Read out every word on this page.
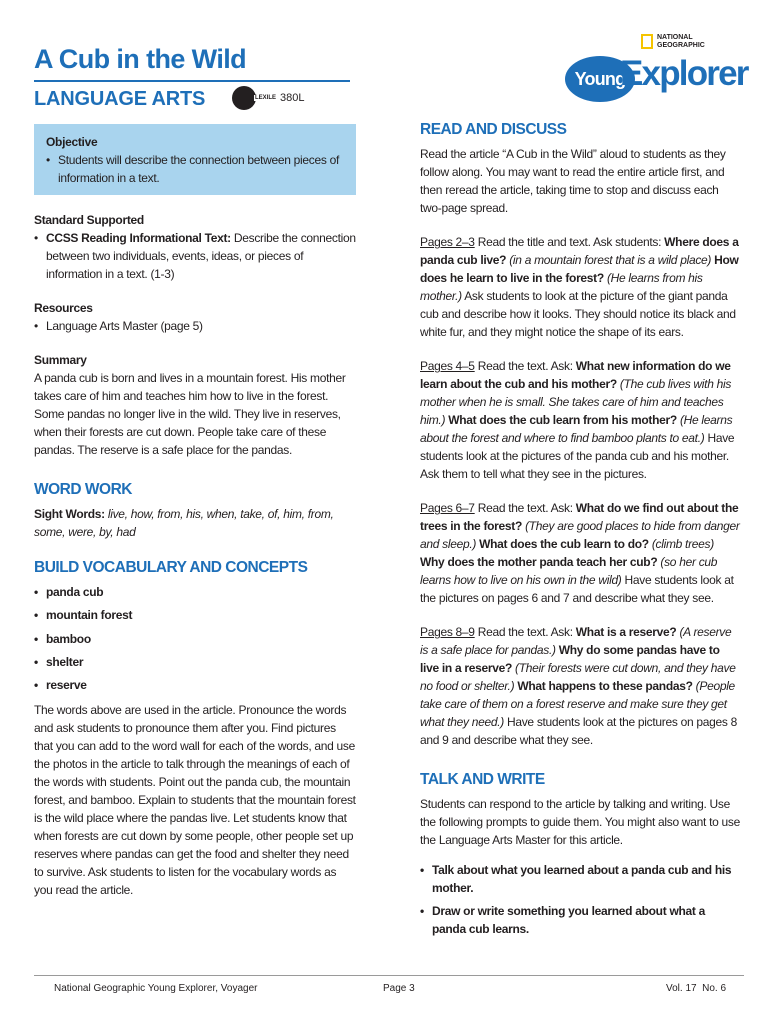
A Cub in the Wild
LANGUAGE ARTS	LEXILE 380L
NATIONAL
GEOGRAPHIC
Young
Explorer
Objective
• Students will describe the connection between pieces of information in a text.
Standard Supported
• CCSS Reading Informational Text: Describe the connection between two individuals, events, ideas, or pieces of information in a text. (1-3)
Resources
• Language Arts Master (page 5)
Summary

A panda cub is born and lives in a mountain forest. His mother takes care of him and teaches him how to live in the forest. Some pandas no longer live in the wild. They live in reserves, when their forests are cut down. People take care of these pandas. The reserve is a safe place for the pandas.

WORD WORK

Sight Words: live, how, from, his, when, take, of, him, from, some, were, by, had

BUILD VOCABULARY AND CONCEPTS
• panda cub
• mountain forest
• bamboo
• shelter
• reserve

The words above are used in the article. Pronounce the words and ask students to pronounce them after you. Find pictures that you can add to the word wall for each of the words, and use the photos in the article to talk through the meanings of each of the words with students. Point out the panda cub, the mountain forest, and bamboo. Explain to students that the mountain forest is the wild place where the pandas live. Let students know that when forests are cut down by some people, other people set up reserves where pandas can get the food and shelter they need to survive. Ask students to listen for the vocabulary words as you read the article.

READ AND DISCUSS

Read the article “A Cub in the Wild” aloud to students as they follow along. You may want to read the entire article first, and then reread the article, taking time to stop and discuss each two-page spread.

Pages 2–3 Read the title and text. Ask students: Where does a panda cub live? (in a mountain forest that is a wild place) How does he learn to live in the forest? (He learns from his mother.) Ask students to look at the picture of the giant panda cub and describe how it looks. They should notice its black and white fur, and they might notice the shape of its ears.

Pages 4–5 Read the text. Ask: What new information do we learn about the cub and his mother? (The cub lives with his mother when he is small. She takes care of him and teaches him.) What does the cub learn from his mother? (He learns about the forest and where to find bamboo plants to eat.) Have students look at the pictures of the panda cub and his mother. Ask them to tell what they see in the pictures.

Pages 6–7 Read the text. Ask: What do we find out about the trees in the forest? (They are good places to hide from danger and sleep.) What does the cub learn to do? (climb trees) Why does the mother panda teach her cub? (so her cub learns how to live on his own in the wild) Have students look at the pictures on pages 6 and 7 and describe what they see.

Pages 8–9 Read the text. Ask: What is a reserve? (A reserve is a safe place for pandas.) Why do some pandas have to live in a reserve? (Their forests were cut down, and they have no food or shelter.) What happens to these pandas? (People take care of them on a forest reserve and make sure they get what they need.) Have students look at the pictures on pages 8 and 9 and describe what they see.

TALK AND WRITE

Students can respond to the article by talking and writing. Use the following prompts to guide them. You might also want to use the Language Arts Master for this article.

• Talk about what you learned about a panda cub and his mother.
• Draw or write something you learned about what a panda cub learns.
National Geographic Young Explorer, Voyager	Page 3	Vol. 17  No. 6
